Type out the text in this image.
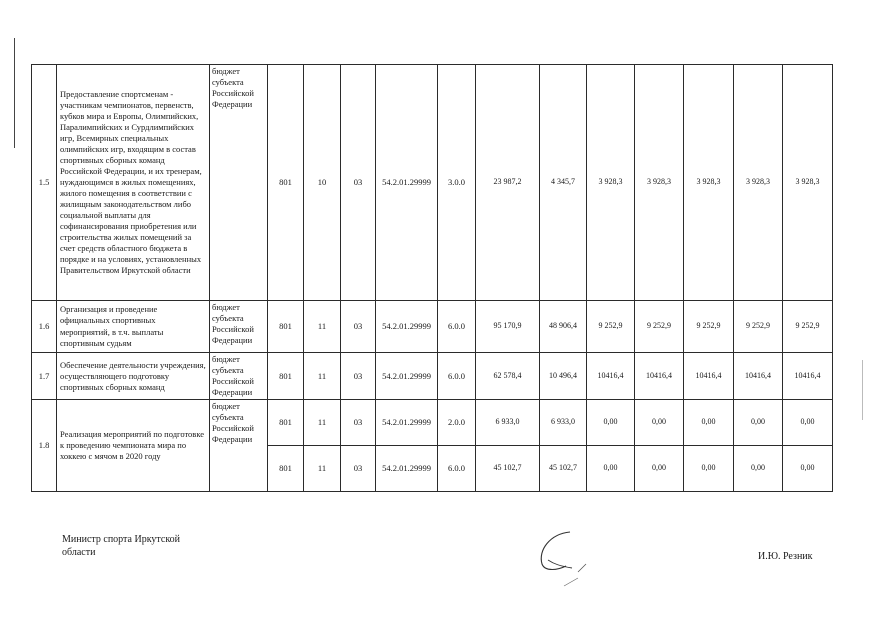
1.5	Предоставление спортсменам - участникам чемпионатов, первенств, кубков мира и Европы, Олимпийских, Паралимпийских и Сурдлимпийских игр, Всемирных специальных олимпийских игр, входящим в состав спортивных сборных команд Российской Федерации, и их тренерам, нуждающимся в жилых помещениях, жилого помещения в соответствии с жилищным законодательством либо социальной выплаты для софинансирования приобретения или строительства жилых помещений за счет средств областного бюджета в порядке и на условиях, установленных Правительством Иркутской области	бюджет субъекта Российской Федерации	801	10	03	54.2.01.29999	3.0.0	23 987,2	4 345,7	3 928,3	3 928,3	3 928,3	3 928,3	3 928,3
1.6	Организация и проведение официальных спортивных мероприятий, в т.ч. выплаты спортивным судьям	бюджет субъекта Российской Федерации	801	11	03	54.2.01.29999	6.0.0	95 170,9	48 906,4	9 252,9	9 252,9	9 252,9	9 252,9	9 252,9
1.7	Обеспечение деятельности учреждения, осуществляющего подготовку спортивных сборных команд	бюджет субъекта Российской Федерации	801	11	03	54.2.01.29999	6.0.0	62 578,4	10 496,4	10416,4	10416,4	10416,4	10416,4	10416,4
1.8	Реализация мероприятий по подготовке к проведению чемпионата мира по хоккею с мячом в 2020 году	бюджет субъекта Российской Федерации	801	11	03	54.2.01.29999	2.0.0	6 933,0	6 933,0	0,00	0,00	0,00	0,00	0,00
			801	11	03	54.2.01.29999	6.0.0	45 102,7	45 102,7	0,00	0,00	0,00	0,00	0,00
Министр спорта Иркутской области	И.Ю. Резник
